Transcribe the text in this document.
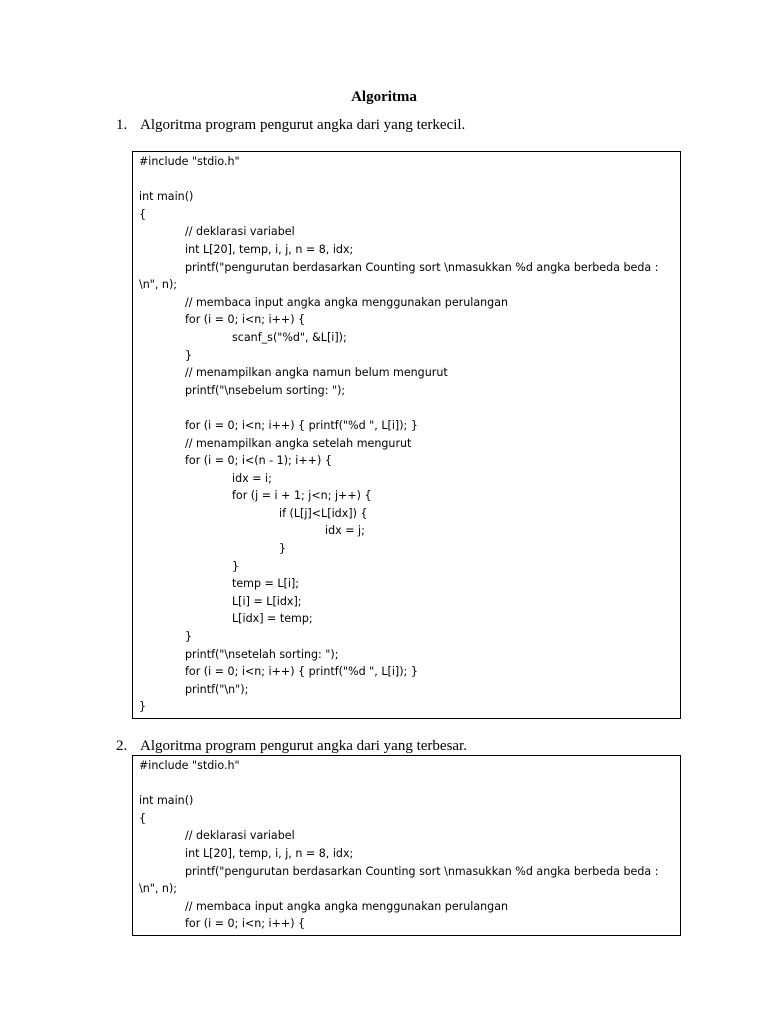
Algoritma
1. Algoritma program pengurut angka dari yang terkecil.
#include "stdio.h"
int main()
{
// deklarasi variabel
int L[20], temp, i, j, n = 8, idx;
printf("pengurutan berdasarkan Counting sort \nmasukkan %d angka berbeda beda :
\n", n);
// membaca input angka angka menggunakan perulangan
for (i = 0; i<n; i++) {
scanf_s("%d", &L[i]);
}
// menampilkan angka namun belum mengurut
printf("\nsebelum sorting: ");
for (i = 0; i<n; i++) { printf("%d ", L[i]); }
// menampilkan angka setelah mengurut
for (i = 0; i<(n - 1); i++) {
idx = i;
for (j = i + 1; j<n; j++) {
if (L[j]<L[idx]) {
idx = j;
}
}
temp = L[i];
L[i] = L[idx];
L[idx] = temp;
}
printf("\nsetelah sorting: ");
for (i = 0; i<n; i++) { printf("%d ", L[i]); }
printf("\n");
}
2. Algoritma program pengurut angka dari yang terbesar.
#include "stdio.h"
int main()
{
// deklarasi variabel
int L[20], temp, i, j, n = 8, idx;
printf("pengurutan berdasarkan Counting sort \nmasukkan %d angka berbeda beda :
\n", n);
// membaca input angka angka menggunakan perulangan
for (i = 0; i<n; i++) {
